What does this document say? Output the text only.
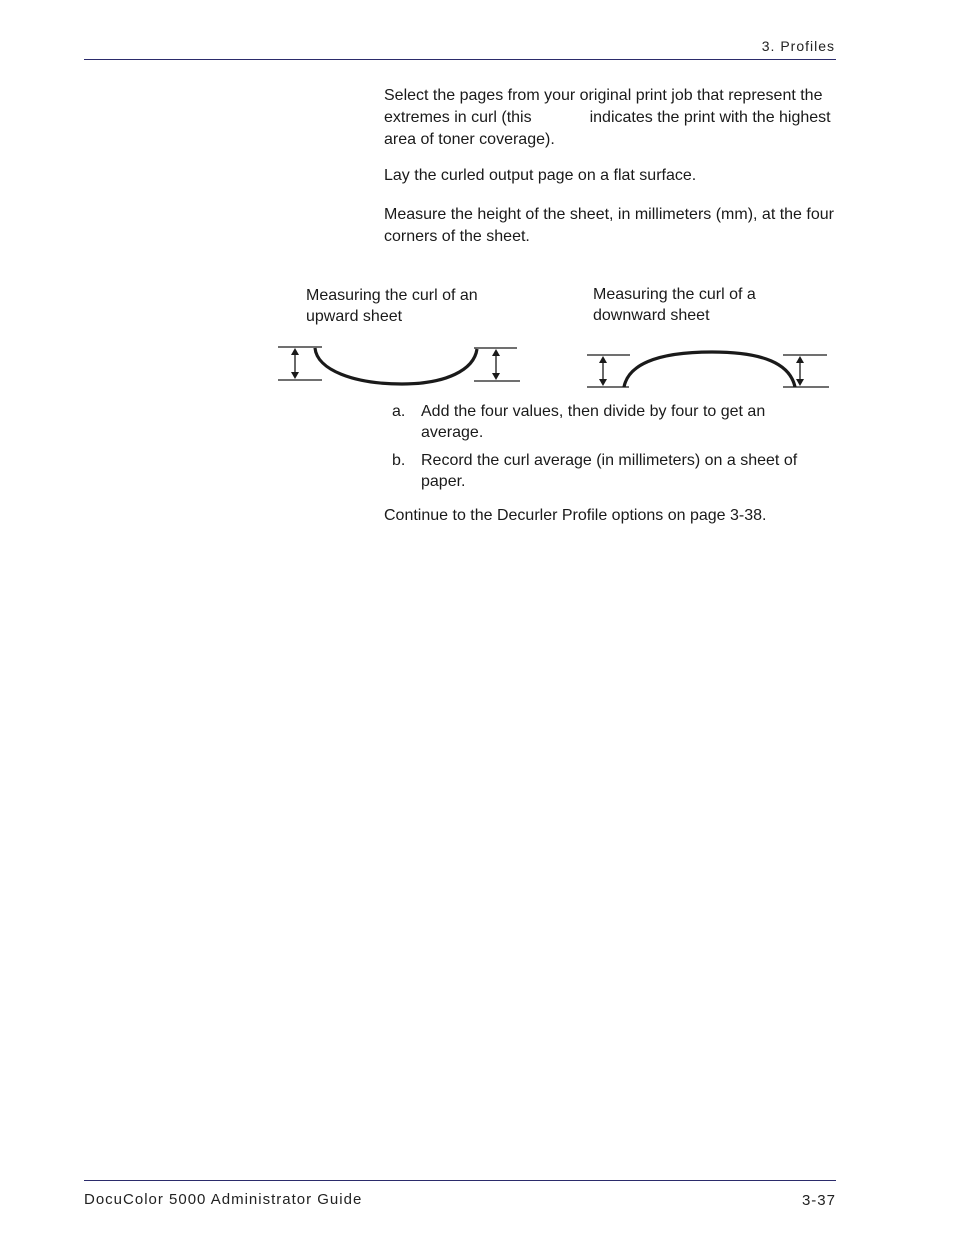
3. Profiles

Select the pages from your original print job that represent the extremes in curl (this	indicates the print with the highest area of toner coverage).

Lay the curled output page on a flat surface.

Measure the height of the sheet, in millimeters (mm), at the four corners of the sheet.

Measuring the curl of an upward sheet
Measuring the curl of a downward sheet
a. Add the four values, then divide by four to get an average.
b. Record the curl average (in millimeters) on a sheet of paper.

Continue to the Decurler Profile options on page 3-38.

DocuColor 5000 Administrator Guide	3-37
